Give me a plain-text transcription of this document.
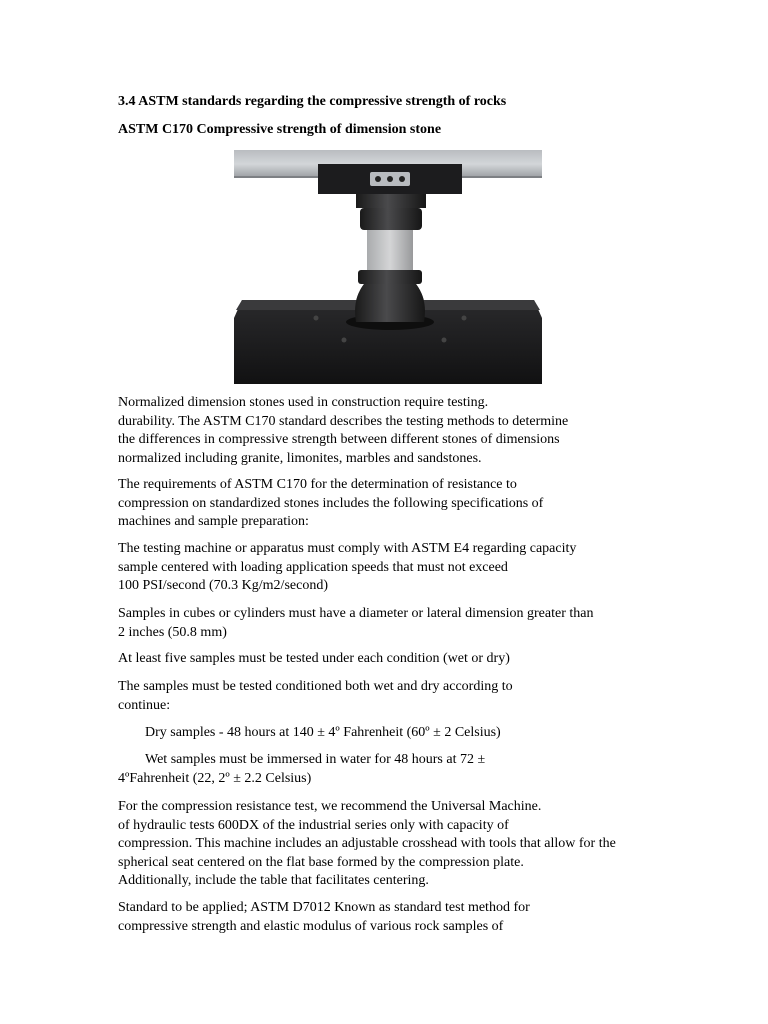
3.4 ASTM standards regarding the compressive strength of rocks

ASTM C170 Compressive strength of dimension stone

Normalized dimension stones used in construction require testing.
durability. The ASTM C170 standard describes the testing methods to determine
the differences in compressive strength between different stones of dimensions
normalized including granite, limonites, marbles and sandstones.

The requirements of ASTM C170 for the determination of resistance to
compression on standardized stones includes the following specifications of
machines and sample preparation:

The testing machine or apparatus must comply with ASTM E4 regarding capacity
sample centered with loading application speeds that must not exceed
100 PSI/second (70.3 Kg/m2/second)

Samples in cubes or cylinders must have a diameter or lateral dimension greater than
2 inches (50.8 mm)

At least five samples must be tested under each condition (wet or dry)

The samples must be tested conditioned both wet and dry according to
continue:

Dry samples - 48 hours at 140 ± 4º Fahrenheit (60º ± 2 Celsius)

Wet samples must be immersed in water for 48 hours at 72 ±
4ºFahrenheit (22, 2º ± 2.2 Celsius)

For the compression resistance test, we recommend the Universal Machine.
of hydraulic tests 600DX of the industrial series only with capacity of
compression. This machine includes an adjustable crosshead with tools that allow for the
spherical seat centered on the flat base formed by the compression plate.
Additionally, include the table that facilitates centering.

Standard to be applied; ASTM D7012 Known as standard test method for
compressive strength and elastic modulus of various rock samples of
